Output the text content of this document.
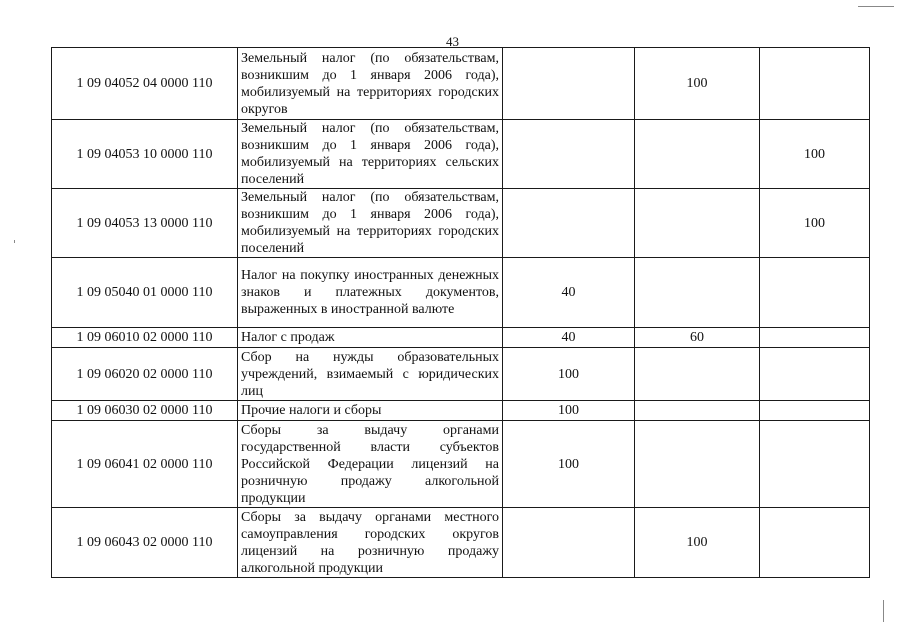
43
1 09 04052 04 0000 110	Земельный налог (по обязательствам, возникшим до 1 января 2006 года), мобилизуемый на территориях городских округов		100	
1 09 04053 10 0000 110	Земельный налог (по обязательствам, возникшим до 1 января 2006 года), мобилизуемый на территориях сельских поселений			100
1 09 04053 13 0000 110	Земельный налог (по обязательствам, возникшим до 1 января 2006 года), мобилизуемый на территориях городских поселений			100
1 09 05040 01 0000 110	Налог на покупку иностранных денежных знаков и платежных документов, выраженных в иностранной валюте	40		
1 09 06010 02 0000 110	Налог с продаж	40	60	
1 09 06020 02 0000 110	Сбор на нужды образовательных учреждений, взимаемый с юридических лиц	100		
1 09 06030 02 0000 110	Прочие налоги и сборы	100		
1 09 06041 02 0000 110	Сборы за выдачу органами государственной власти субъектов Российской Федерации лицензий на розничную продажу алкогольной продукции	100		
1 09 06043 02 0000 110	Сборы за выдачу органами местного самоуправления городских округов лицензий на розничную продажу алкогольной продукции		100	
